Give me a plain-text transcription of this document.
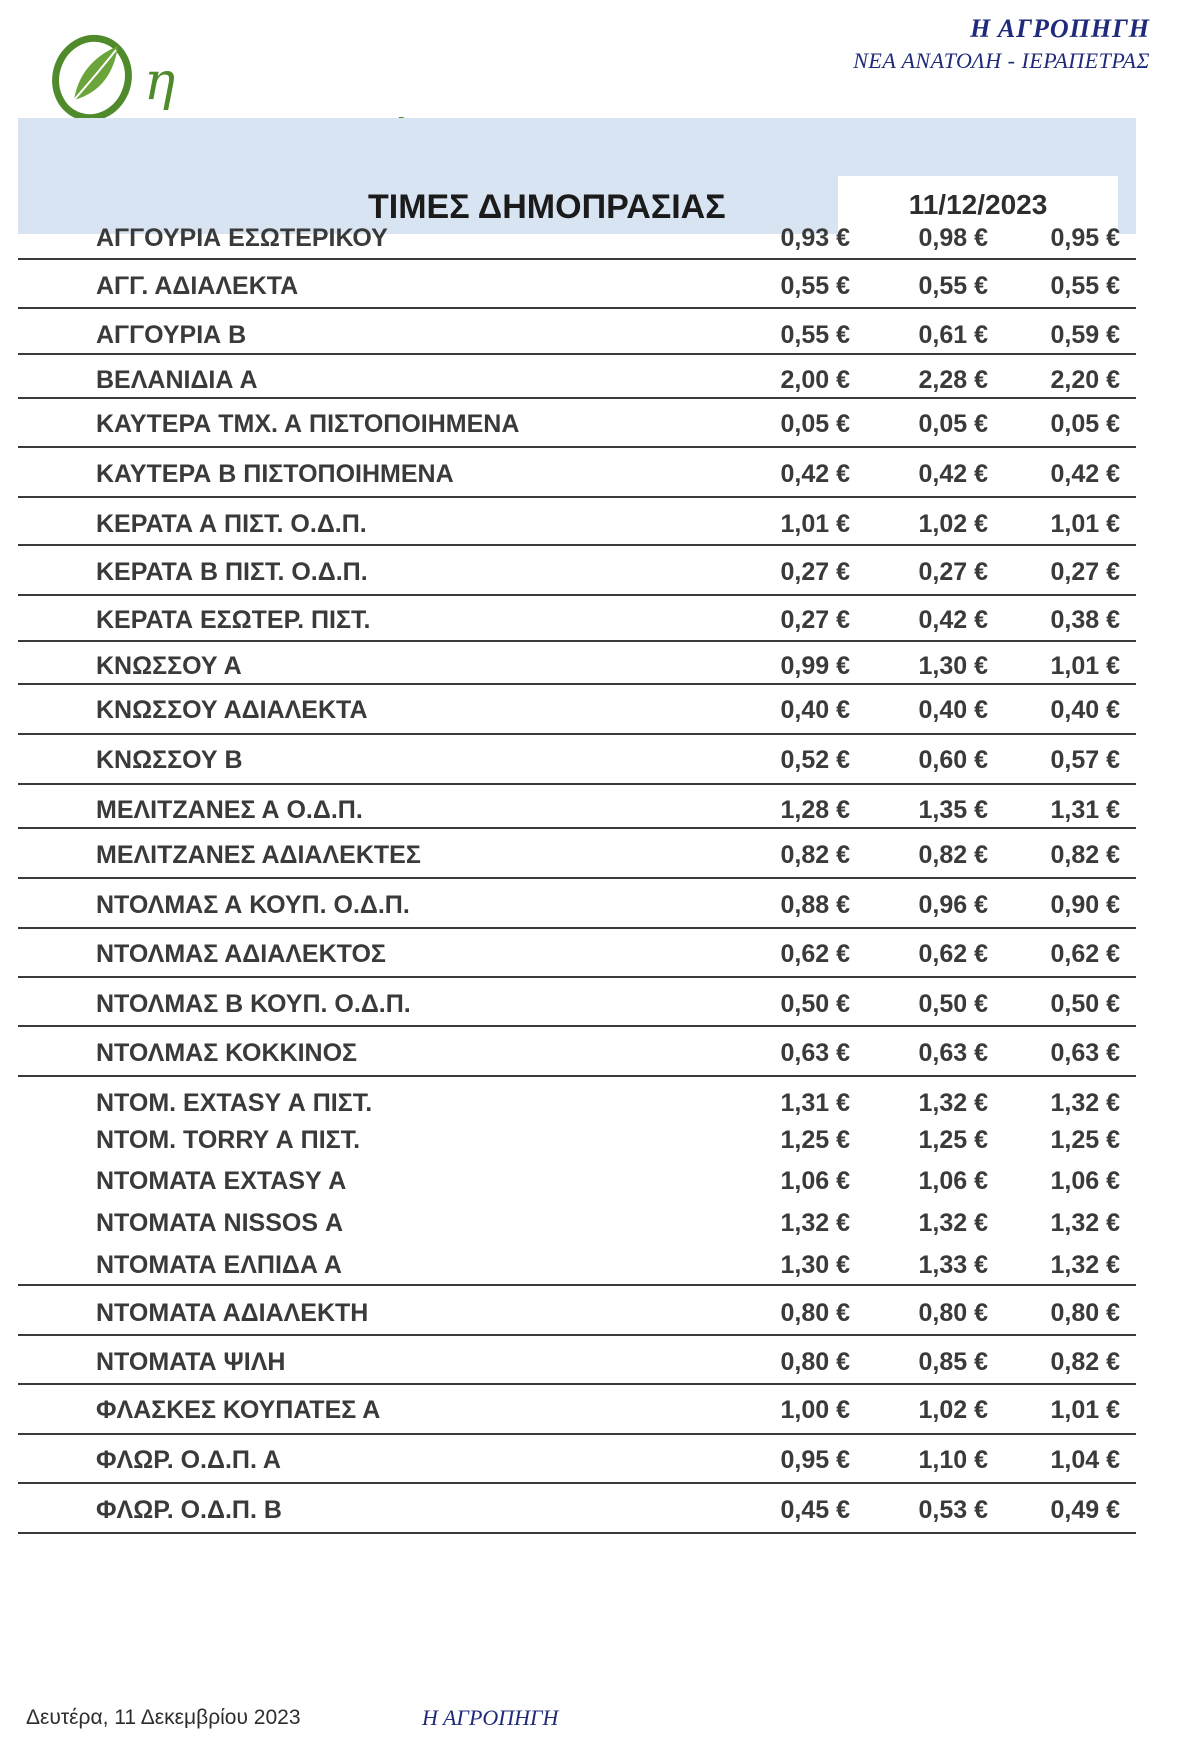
η
Η ΑΓΡΟΠΗΓΗ
ΝΕΑ ΑΝΑΤΟΛΗ - ΙΕΡΑΠΕΤΡΑΣ
ΤΙΜΕΣ ΔΗΜΟΠΡΑΣΙΑΣ	11/12/2023
ΑΓΓΟΥΡΙΑ ΕΣΩΤΕΡΙΚΟΥ	0,93 €	0,98 €	0,95 €
ΑΓΓ. ΑΔΙΑΛΕΚΤΑ	0,55 €	0,55 €	0,55 €
ΑΓΓΟΥΡΙΑ Β	0,55 €	0,61 €	0,59 €
ΒΕΛΑΝΙΔΙΑ Α	2,00 €	2,28 €	2,20 €
ΚΑΥΤΕΡΑ ΤΜΧ. Α ΠΙΣΤΟΠΟΙΗΜΕΝΑ	0,05 €	0,05 €	0,05 €
ΚΑΥΤΕΡΑ Β ΠΙΣΤΟΠΟΙΗΜΕΝΑ	0,42 €	0,42 €	0,42 €
ΚΕΡΑΤΑ Α ΠΙΣΤ. Ο.Δ.Π.	1,01 €	1,02 €	1,01 €
ΚΕΡΑΤΑ Β ΠΙΣΤ. Ο.Δ.Π.	0,27 €	0,27 €	0,27 €
ΚΕΡΑΤΑ ΕΣΩΤΕΡ. ΠΙΣΤ.	0,27 €	0,42 €	0,38 €
ΚΝΩΣΣΟΥ Α	0,99 €	1,30 €	1,01 €
ΚΝΩΣΣΟΥ ΑΔΙΑΛΕΚΤΑ	0,40 €	0,40 €	0,40 €
ΚΝΩΣΣΟΥ Β	0,52 €	0,60 €	0,57 €
ΜΕΛΙΤΖΑΝΕΣ Α Ο.Δ.Π.	1,28 €	1,35 €	1,31 €
ΜΕΛΙΤΖΑΝΕΣ ΑΔΙΑΛΕΚΤΕΣ	0,82 €	0,82 €	0,82 €
ΝΤΟΛΜΑΣ Α ΚΟΥΠ. Ο.Δ.Π.	0,88 €	0,96 €	0,90 €
ΝΤΟΛΜΑΣ ΑΔΙΑΛΕΚΤΟΣ	0,62 €	0,62 €	0,62 €
ΝΤΟΛΜΑΣ Β ΚΟΥΠ. Ο.Δ.Π.	0,50 €	0,50 €	0,50 €
ΝΤΟΛΜΑΣ ΚΟΚΚΙΝΟΣ	0,63 €	0,63 €	0,63 €
ΝΤΟΜ. EXTASY Α ΠΙΣΤ.	1,31 €	1,32 €	1,32 €
ΝΤΟΜ. TORRY Α ΠΙΣΤ.	1,25 €	1,25 €	1,25 €
ΝΤΟΜΑΤΑ EXTASY Α	1,06 €	1,06 €	1,06 €
ΝΤΟΜΑΤΑ NISSOS Α	1,32 €	1,32 €	1,32 €
ΝΤΟΜΑΤΑ ΕΛΠΙΔΑ Α	1,30 €	1,33 €	1,32 €
ΝΤΟΜΑΤΑ ΑΔΙΑΛΕΚΤΗ	0,80 €	0,80 €	0,80 €
ΝΤΟΜΑΤΑ ΨΙΛΗ	0,80 €	0,85 €	0,82 €
ΦΛΑΣΚΕΣ ΚΟΥΠΑΤΕΣ Α	1,00 €	1,02 €	1,01 €
ΦΛΩΡ. Ο.Δ.Π. Α	0,95 €	1,10 €	1,04 €
ΦΛΩΡ. Ο.Δ.Π. Β	0,45 €	0,53 €	0,49 €
Δευτέρα, 11 Δεκεμβρίου 2023	Η ΑΓΡΟΠΗΓΗ
